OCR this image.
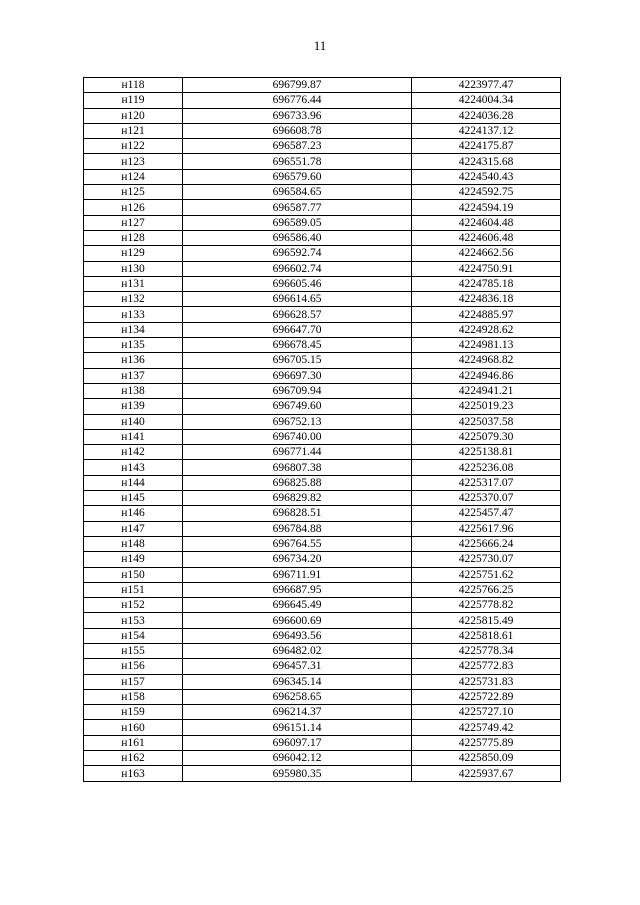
11
н118	696799.87	4223977.47
н119	696776.44	4224004.34
н120	696733.96	4224036.28
н121	696608.78	4224137.12
н122	696587.23	4224175.87
н123	696551.78	4224315.68
н124	696579.60	4224540.43
н125	696584.65	4224592.75
н126	696587.77	4224594.19
н127	696589.05	4224604.48
н128	696586.40	4224606.48
н129	696592.74	4224662.56
н130	696602.74	4224750.91
н131	696605.46	4224785.18
н132	696614.65	4224836.18
н133	696628.57	4224885.97
н134	696647.70	4224928.62
н135	696678.45	4224981.13
н136	696705.15	4224968.82
н137	696697.30	4224946.86
н138	696709.94	4224941.21
н139	696749.60	4225019.23
н140	696752.13	4225037.58
н141	696740.00	4225079.30
н142	696771.44	4225138.81
н143	696807.38	4225236.08
н144	696825.88	4225317.07
н145	696829.82	4225370.07
н146	696828.51	4225457.47
н147	696784.88	4225617.96
н148	696764.55	4225666.24
н149	696734.20	4225730.07
н150	696711.91	4225751.62
н151	696687.95	4225766.25
н152	696645.49	4225778.82
н153	696600.69	4225815.49
н154	696493.56	4225818.61
н155	696482.02	4225778.34
н156	696457.31	4225772.83
н157	696345.14	4225731.83
н158	696258.65	4225722.89
н159	696214.37	4225727.10
н160	696151.14	4225749.42
н161	696097.17	4225775.89
н162	696042.12	4225850.09
н163	695980.35	4225937.67
